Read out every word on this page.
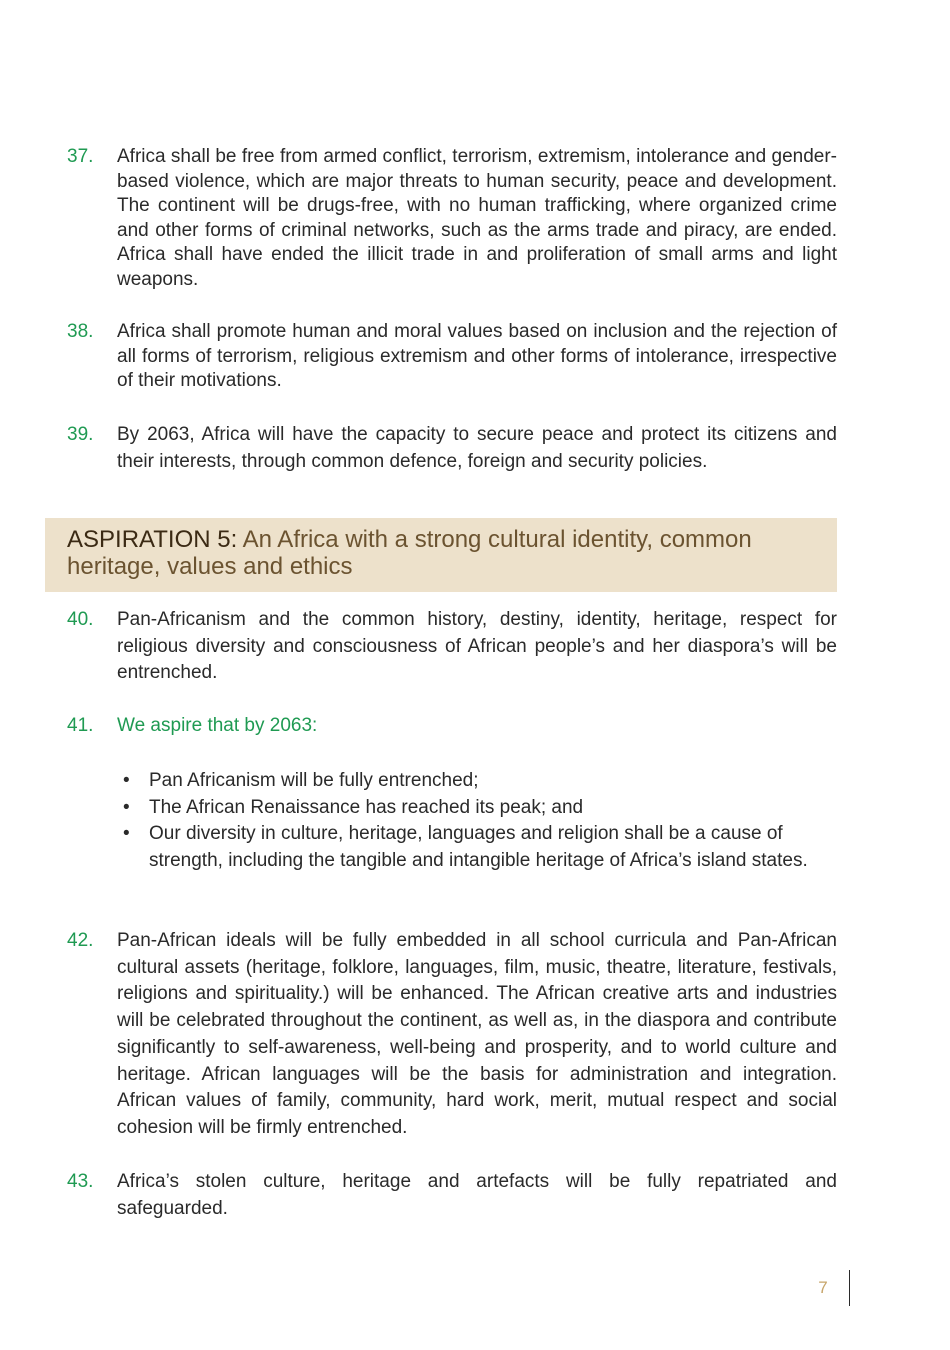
37. Africa shall be free from armed conflict, terrorism, extremism, intolerance and gender-based violence, which are major threats to human security, peace and development. The continent will be drugs-free, with no human trafficking, where organized crime and other forms of criminal networks, such as the arms trade and piracy, are ended. Africa shall have ended the illicit trade in and proliferation of small arms and light weapons.
38. Africa shall promote human and moral values based on inclusion and the rejection of all forms of terrorism, religious extremism and other forms of intolerance, irrespective of their motivations.
39. By 2063, Africa will have the capacity to secure peace and protect its citizens and their interests, through common defence, foreign and security policies.
ASPIRATION 5: An Africa with a strong cultural identity, common heritage, values and ethics
40. Pan-Africanism and the common history, destiny, identity, heritage, respect for religious diversity and consciousness of African people’s and her diaspora’s will be entrenched.
41. We aspire that by 2063:
• Pan Africanism will be fully entrenched;
• The African Renaissance has reached its peak; and
• Our diversity in culture, heritage, languages and religion shall be a cause of strength, including the tangible and intangible heritage of Africa’s island states.
42. Pan-African ideals will be fully embedded in all school curricula and Pan-African cultural assets (heritage, folklore, languages, film, music, theatre, literature, festivals, religions and spirituality.) will be enhanced. The African creative arts and industries will be celebrated throughout the continent, as well as, in the diaspora and contribute significantly to self-awareness, well-being and prosperity, and to world culture and heritage. African languages will be the basis for administration and integration. African values of family, community, hard work, merit, mutual respect and social cohesion will be firmly entrenched.
43. Africa’s stolen culture, heritage and artefacts will be fully repatriated and safeguarded.
7
